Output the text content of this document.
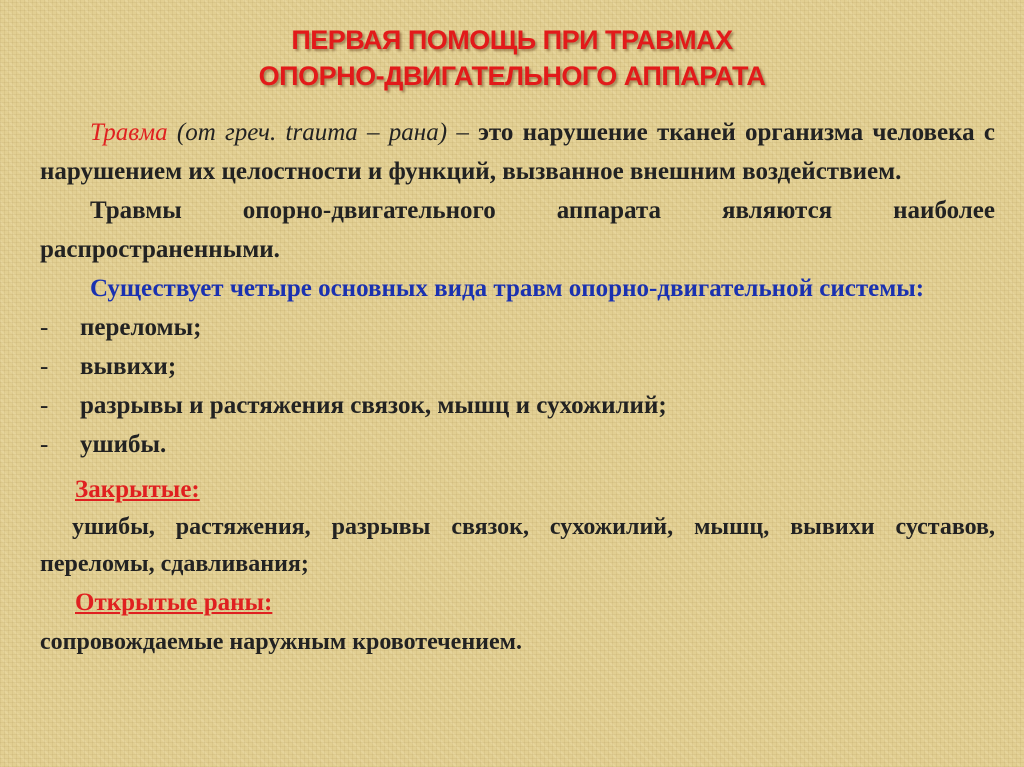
ПЕРВАЯ ПОМОЩЬ ПРИ ТРАВМАХ
ОПОРНО-ДВИГАТЕЛЬНОГО АППАРАТА

Травма (от греч. trauma – рана) – это нарушение тканей организма человека с нарушением их целостности и функций, вызванное внешним воздействием.

Травмы опорно-двигательного аппарата являются наиболее распространенными.

Существует четыре основных вида травм опорно-двигательной системы:

- переломы;
- вывихи;
- разрывы и растяжения связок, мышц и сухожилий;
- ушибы.
Закрытые:

ушибы, растяжения, разрывы связок, сухожилий, мышц, вывихи суставов, переломы, сдавливания;

Открытые раны:

сопровождаемые наружным кровотечением.
